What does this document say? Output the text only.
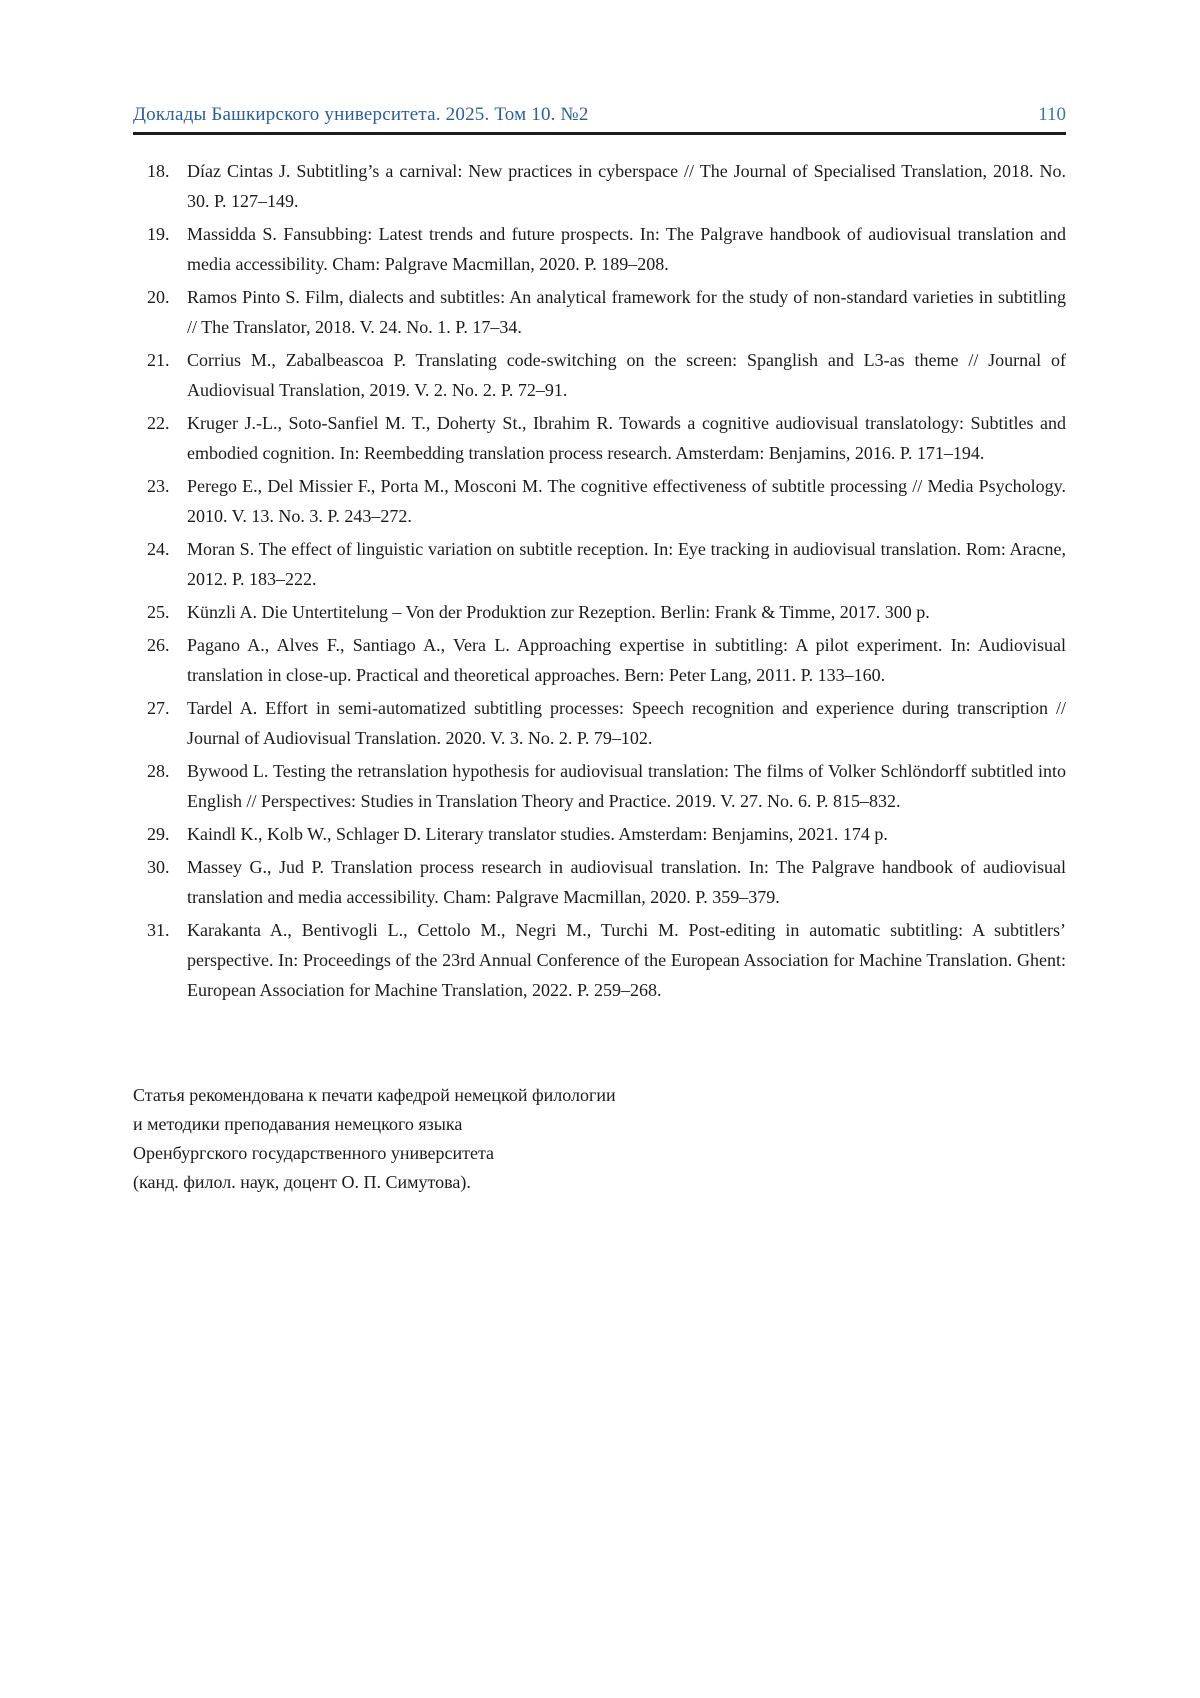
Доклады Башкирского университета. 2025. Том 10. №2	110
18. Díaz Cintas J. Subtitling’s a carnival: New practices in cyberspace // The Journal of Specialised Translation, 2018. No. 30. P. 127–149.
19. Massidda S. Fansubbing: Latest trends and future prospects. In: The Palgrave handbook of audiovisual translation and media accessibility. Cham: Palgrave Macmillan, 2020. P. 189–208.
20. Ramos Pinto S. Film, dialects and subtitles: An analytical framework for the study of non-standard varieties in subtitling // The Translator, 2018. V. 24. No. 1. P. 17–34.
21. Corrius M., Zabalbeascoa P. Translating code-switching on the screen: Spanglish and L3-as theme // Journal of Audiovisual Translation, 2019. V. 2. No. 2. P. 72–91.
22. Kruger J.-L., Soto-Sanfiel M. T., Doherty St., Ibrahim R. Towards a cognitive audiovisual translatology: Subtitles and embodied cognition. In: Reembedding translation process research. Amsterdam: Benjamins, 2016. P. 171–194.
23. Perego E., Del Missier F., Porta M., Mosconi M. The cognitive effectiveness of subtitle processing // Media Psychology. 2010. V. 13. No. 3. P. 243–272.
24. Moran S. The effect of linguistic variation on subtitle reception. In: Eye tracking in audiovisual translation. Rom: Aracne, 2012. P. 183–222.
25. Künzli A. Die Untertitelung – Von der Produktion zur Rezeption. Berlin: Frank & Timme, 2017. 300 p.
26. Pagano A., Alves F., Santiago A., Vera L. Approaching expertise in subtitling: A pilot experiment. In: Audiovisual translation in close-up. Practical and theoretical approaches. Bern: Peter Lang, 2011. P. 133–160.
27. Tardel A. Effort in semi-automatized subtitling processes: Speech recognition and experience during transcription // Journal of Audiovisual Translation. 2020. V. 3. No. 2. P. 79–102.
28. Bywood L. Testing the retranslation hypothesis for audiovisual translation: The films of Volker Schlöndorff subtitled into English // Perspectives: Studies in Translation Theory and Practice. 2019. V. 27. No. 6. P. 815–832.
29. Kaindl K., Kolb W., Schlager D. Literary translator studies. Amsterdam: Benjamins, 2021. 174 p.
30. Massey G., Jud P. Translation process research in audiovisual translation. In: The Palgrave handbook of audiovisual translation and media accessibility. Cham: Palgrave Macmillan, 2020. P. 359–379.
31. Karakanta A., Bentivogli L., Cettolo M., Negri M., Turchi M. Post-editing in automatic subtitling: A subtitlers’ perspective. In: Proceedings of the 23rd Annual Conference of the European Association for Machine Translation. Ghent: European Association for Machine Translation, 2022. P. 259–268.
Статья рекомендована к печати кафедрой немецкой филологии
и методики преподавания немецкого языка
Оренбургского государственного университета
(канд. филол. наук, доцент О. П. Симутова).
